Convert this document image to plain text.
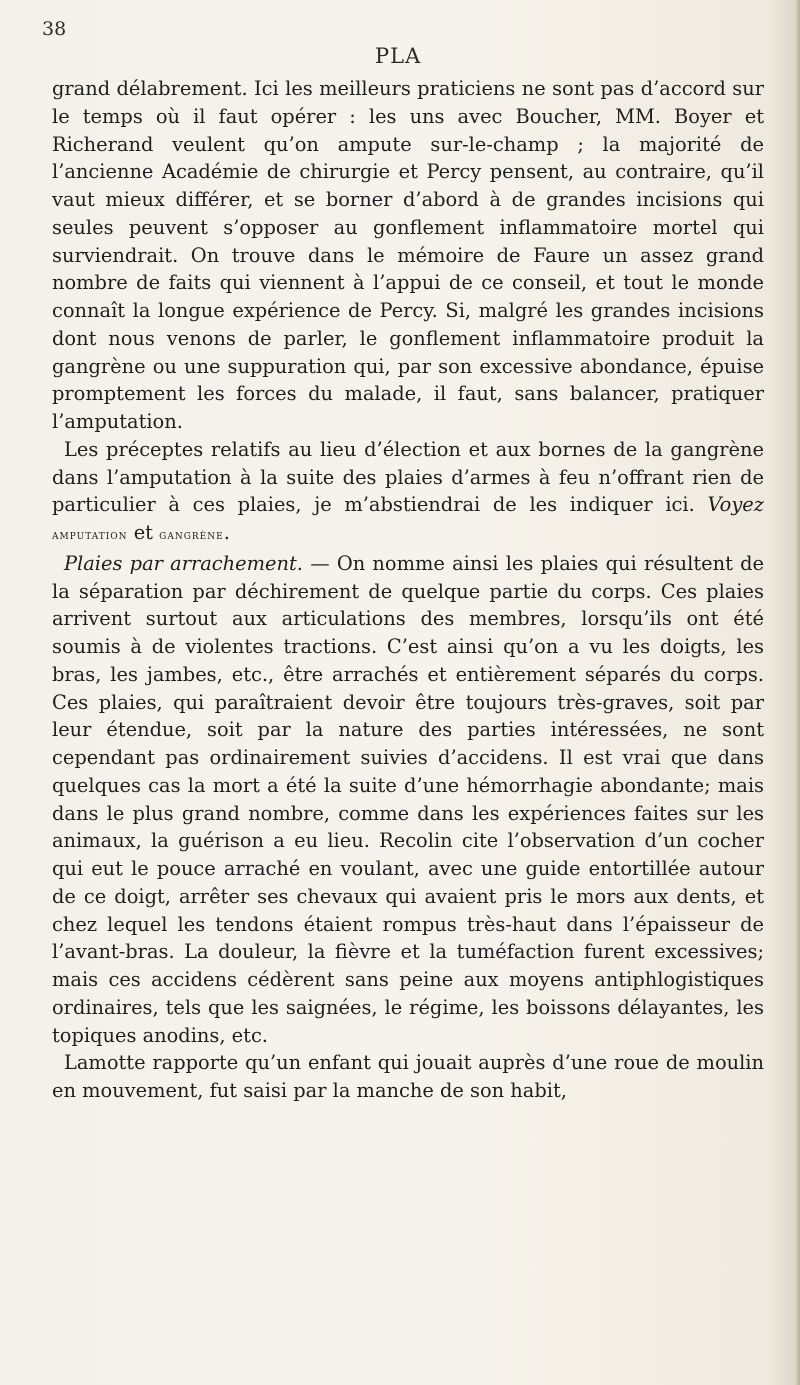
38
PLA

grand délabrement. Ici les meilleurs praticiens ne sont pas d’accord sur le temps où il faut opérer : les uns avec Boucher, MM. Boyer et Richerand veulent qu’on ampute sur-le-champ ; la majorité de l’ancienne Académie de chirurgie et Percy pensent, au contraire, qu’il vaut mieux différer, et se borner d’abord à de grandes incisions qui seules peuvent s’opposer au gonflement inflammatoire mortel qui surviendrait. On trouve dans le mémoire de Faure un assez grand nombre de faits qui viennent à l’appui de ce conseil, et tout le monde connaît la longue expérience de Percy. Si, malgré les grandes incisions dont nous venons de parler, le gonflement inflammatoire produit la gangrène ou une suppuration qui, par son excessive abondance, épuise promptement les forces du malade, il faut, sans balancer, pratiquer l’amputation.

Les préceptes relatifs au lieu d’élection et aux bornes de la gangrène dans l’amputation à la suite des plaies d’armes à feu n’offrant rien de particulier à ces plaies, je m’abstiendrai de les indiquer ici. Voyez amputation et gangrène.

Plaies par arrachement. — On nomme ainsi les plaies qui résultent de la séparation par déchirement de quelque partie du corps. Ces plaies arrivent surtout aux articulations des membres, lorsqu’ils ont été soumis à de violentes tractions. C’est ainsi qu’on a vu les doigts, les bras, les jambes, etc., être arrachés et entièrement séparés du corps. Ces plaies, qui paraîtraient devoir être toujours très-graves, soit par leur étendue, soit par la nature des parties intéressées, ne sont cependant pas ordinairement suivies d’accidens. Il est vrai que dans quelques cas la mort a été la suite d’une hémorrhagie abondante; mais dans le plus grand nombre, comme dans les expériences faites sur les animaux, la guérison a eu lieu. Recolin cite l’observation d’un cocher qui eut le pouce arraché en voulant, avec une guide entortillée autour de ce doigt, arrêter ses chevaux qui avaient pris le mors aux dents, et chez lequel les tendons étaient rompus très-haut dans l’épaisseur de l’avant-bras. La douleur, la fièvre et la tuméfaction furent excessives; mais ces accidens cédèrent sans peine aux moyens antiphlogistiques ordinaires, tels que les saignées, le régime, les boissons délayantes, les topiques anodins, etc.

Lamotte rapporte qu’un enfant qui jouait auprès d’une roue de moulin en mouvement, fut saisi par la manche de son habit,
